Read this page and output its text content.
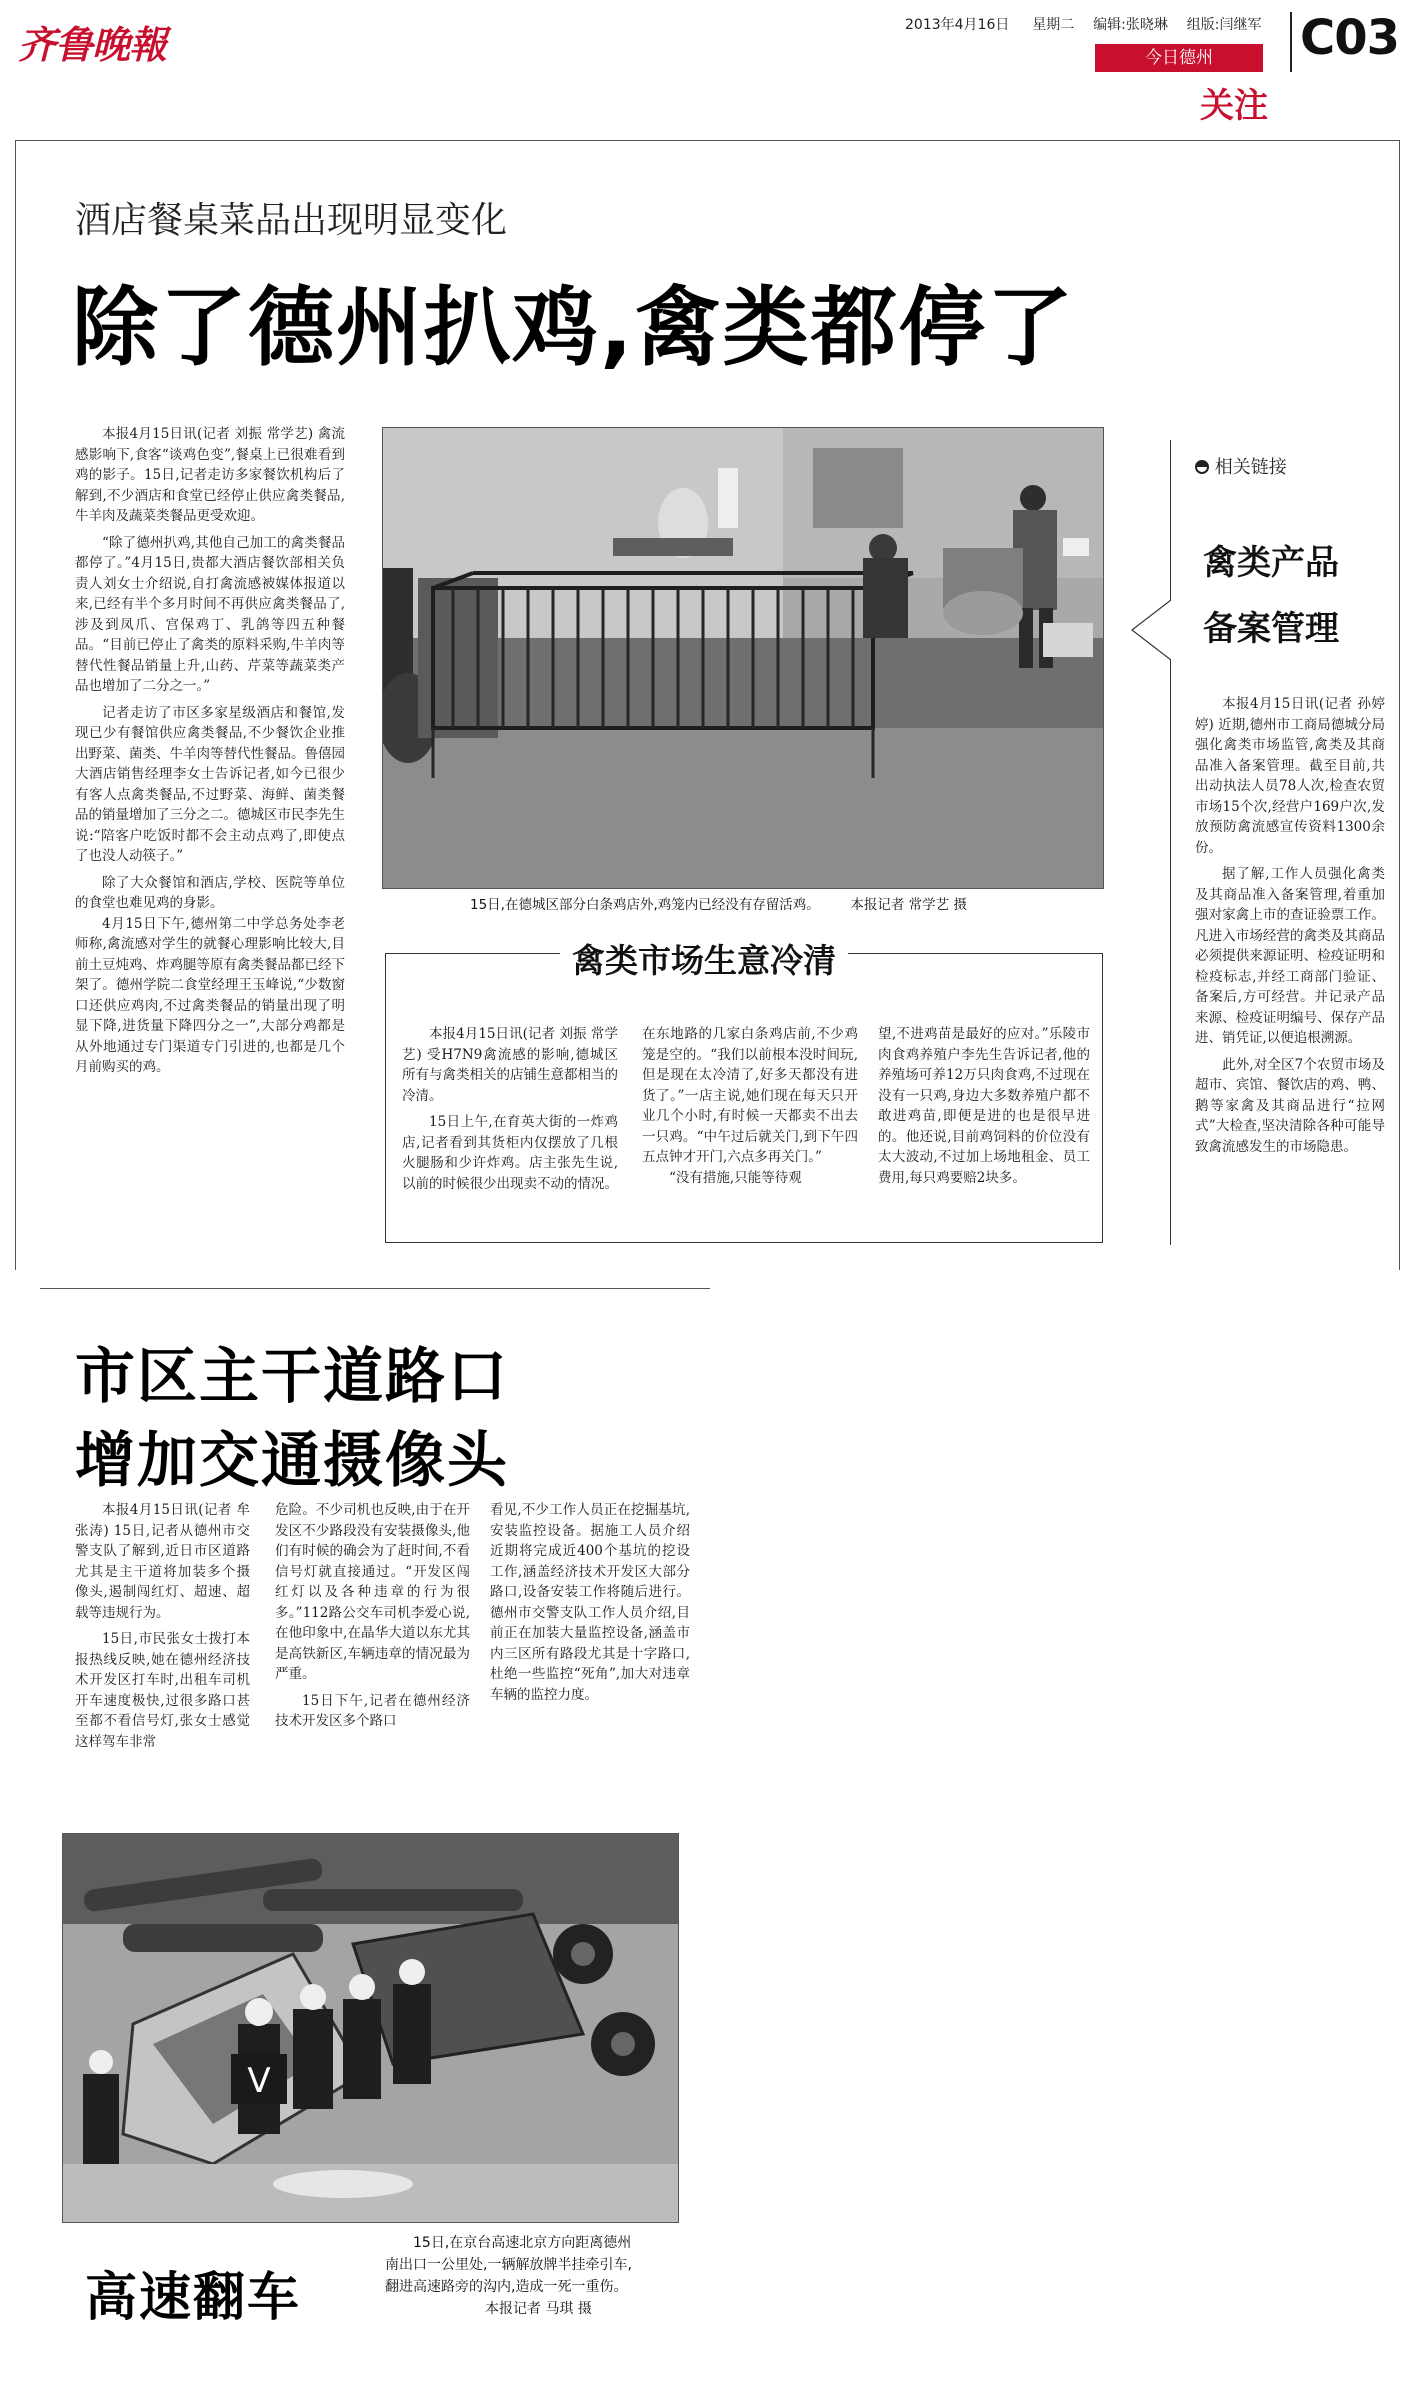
齐鲁晚報	2013年4月16日 星期二 编辑:张晓琳 组版:闫继军
今日德州
关注
C03
酒店餐桌菜品出现明显变化
除了德州扒鸡,禽类都停了

本报4月15日讯(记者 刘振 常学艺) 禽流感影响下,食客“谈鸡色变”,餐桌上已很难看到鸡的影子。15日,记者走访多家餐饮机构后了解到,不少酒店和食堂已经停止供应禽类餐品,牛羊肉及蔬菜类餐品更受欢迎。

“除了德州扒鸡,其他自己加工的禽类餐品都停了。”4月15日,贵都大酒店餐饮部相关负责人刘女士介绍说,自打禽流感被媒体报道以来,已经有半个多月时间不再供应禽类餐品了,涉及到凤爪、宫保鸡丁、乳鸽等四五种餐品。“目前已停止了禽类的原料采购,牛羊肉等替代性餐品销量上升,山药、芹菜等蔬菜类产品也增加了二分之一。”

记者走访了市区多家星级酒店和餐馆,发现已少有餐馆供应禽类餐品,不少餐饮企业推出野菜、菌类、牛羊肉等替代性餐品。鲁僖园大酒店销售经理李女士告诉记者,如今已很少有客人点禽类餐品,不过野菜、海鲜、菌类餐品的销量增加了三分之二。德城区市民李先生说:“陪客户吃饭时都不会主动点鸡了,即使点了也没人动筷子。”

除了大众餐馆和酒店,学校、医院等单位的食堂也难见鸡的身影。

4月15日下午,德州第二中学总务处李老师称,禽流感对学生的就餐心理影响比较大,目前土豆炖鸡、炸鸡腿等原有禽类餐品都已经下架了。德州学院二食堂经理王玉峰说,“少数窗口还供应鸡肉,不过禽类餐品的销量出现了明显下降,进货量下降四分之一”,大部分鸡都是从外地通过专门渠道专门引进的,也都是几个月前购买的鸡。

15日,在德城区部分白条鸡店外,鸡笼内已经没有存留活鸡。 本报记者 常学艺 摄
禽类市场生意冷清

本报4月15日讯(记者 刘振 常学艺) 受H7N9禽流感的影响,德城区所有与禽类相关的店铺生意都相当的冷清。

15日上午,在育英大街的一炸鸡店,记者看到其货柜内仅摆放了几根火腿肠和少许炸鸡。店主张先生说,以前的时候很少出现卖不动的情况。

在东地路的几家白条鸡店前,不少鸡笼是空的。“我们以前根本没时间玩,但是现在太冷清了,好多天都没有进货了。”一店主说,她们现在每天只开业几个小时,有时候一天都卖不出去一只鸡。“中午过后就关门,到下午四五点钟才开门,六点多再关门。”

“没有措施,只能等待观

望,不进鸡苗是最好的应对。”乐陵市肉食鸡养殖户李先生告诉记者,他的养殖场可养12万只肉食鸡,不过现在没有一只鸡,身边大多数养殖户都不敢进鸡苗,即便是进的也是很早进的。他还说,目前鸡饲料的价位没有太大波动,不过加上场地租金、员工费用,每只鸡要赔2块多。

相关链接
禽类产品
备案管理

本报4月15日讯(记者 孙婷婷) 近期,德州市工商局德城分局强化禽类市场监管,禽类及其商品准入备案管理。截至目前,共出动执法人员78人次,检查农贸市场15个次,经营户169户次,发放预防禽流感宣传资料1300余份。

据了解,工作人员强化禽类及其商品准入备案管理,着重加强对家禽上市的查证验票工作。凡进入市场经营的禽类及其商品必须提供来源证明、检疫证明和检疫标志,并经工商部门验证、备案后,方可经营。并记录产品来源、检疫证明编号、保存产品进、销凭证,以便追根溯源。

此外,对全区7个农贸市场及超市、宾馆、餐饮店的鸡、鸭、鹅等家禽及其商品进行“拉网式”大检查,坚决清除各种可能导致禽流感发生的市场隐患。

市区主干道路口
增加交通摄像头

本报4月15日讯(记者 牟张涛) 15日,记者从德州市交警支队了解到,近日市区道路尤其是主干道将加装多个摄像头,遏制闯红灯、超速、超载等违规行为。

15日,市民张女士拨打本报热线反映,她在德州经济技术开发区打车时,出租车司机开车速度极快,过很多路口甚至都不看信号灯,张女士感觉这样驾车非常

危险。不少司机也反映,由于在开发区不少路段没有安装摄像头,他们有时候的确会为了赶时间,不看信号灯就直接通过。“开发区闯红灯以及各种违章的行为很多。”112路公交车司机李爱心说,在他印象中,在晶华大道以东尤其是高铁新区,车辆违章的情况最为严重。

15日下午,记者在德州经济技术开发区多个路口

看见,不少工作人员正在挖掘基坑,安装监控设备。据施工人员介绍近期将完成近400个基坑的挖设工作,涵盖经济技术开发区大部分路口,设备安装工作将随后进行。德州市交警支队工作人员介绍,目前正在加装大量监控设备,涵盖市内三区所有路段尤其是十字路口,杜绝一些监控“死角”,加大对违章车辆的监控力度。

V
高速翻车
15日,在京台高速北京方向距离德州
南出口一公里处,一辆解放牌半挂牵引车,
翻进高速路旁的沟内,造成一死一重伤。
本报记者 马琪 摄
